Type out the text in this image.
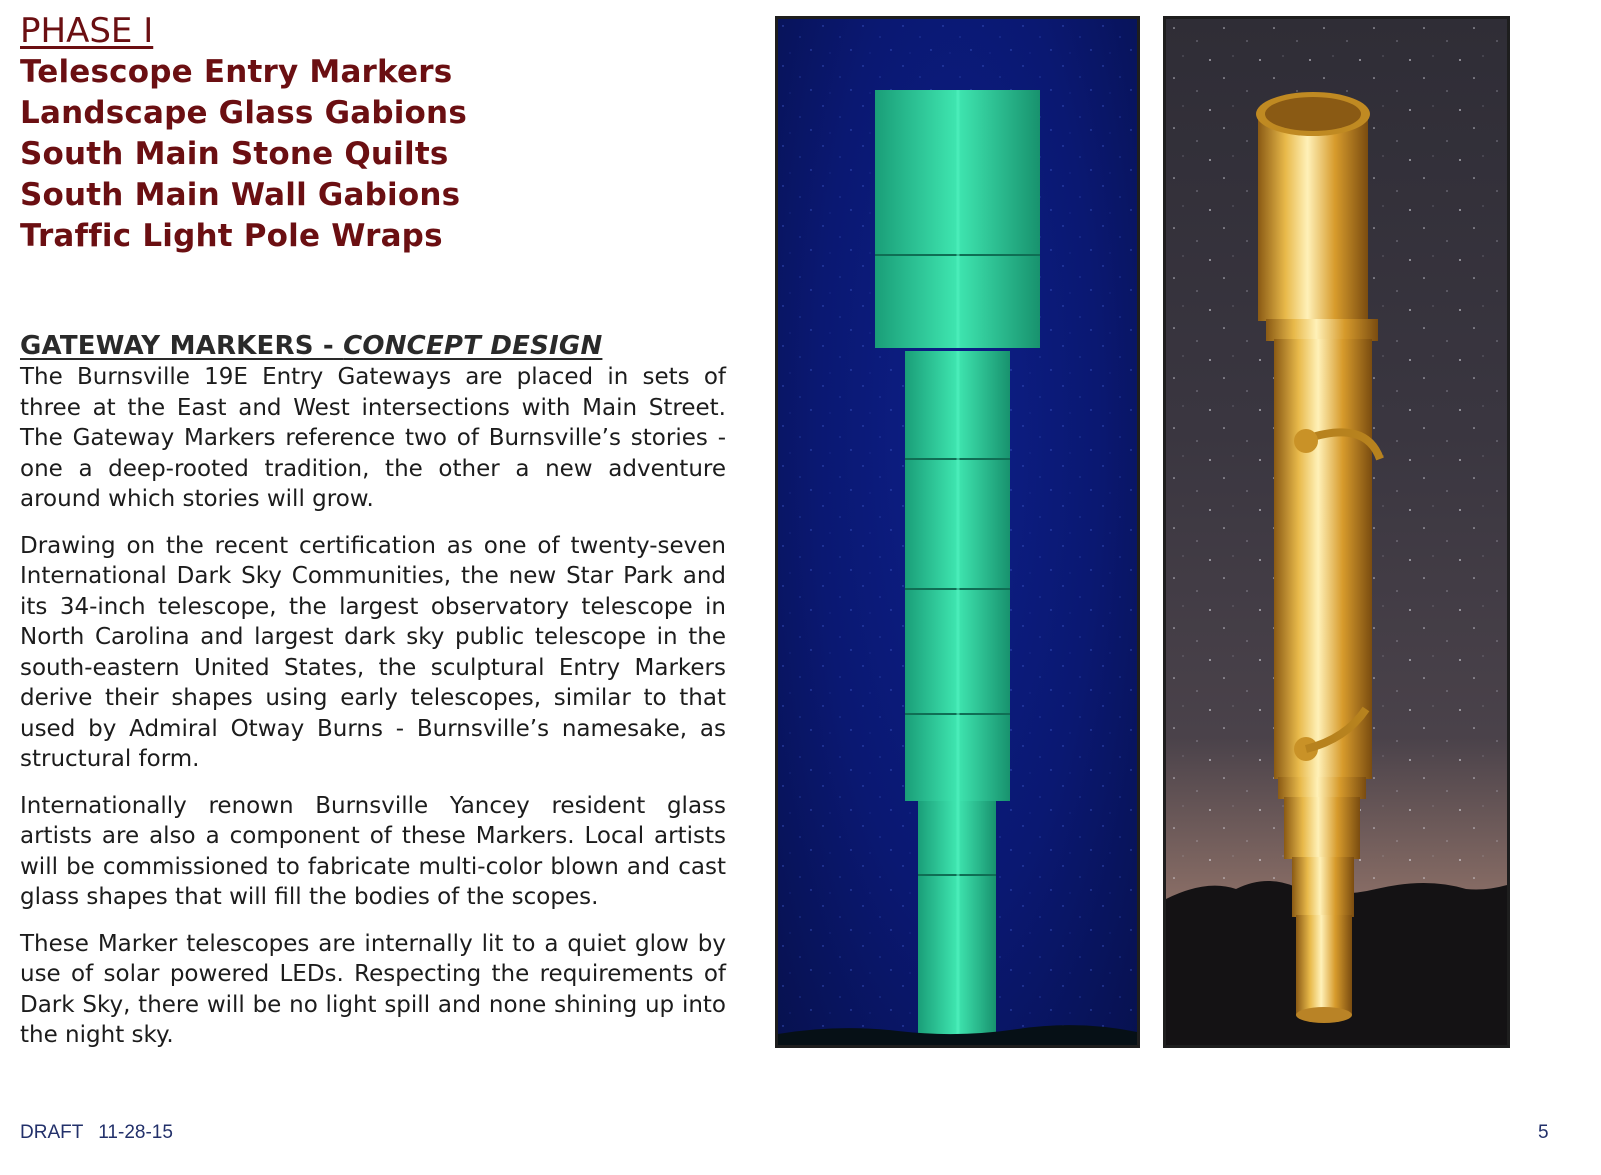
PHASE I

Telescope Entry Markers

Landscape Glass Gabions

South Main Stone Quilts

South Main Wall Gabions

Traffic Light Pole Wraps

GATEWAY MARKERS - CONCEPT DESIGN

The Burnsville 19E Entry Gateways are placed in sets of three at the East and West intersections with Main Street. The Gateway Markers reference two of Burnsville’s stories - one a deep-rooted tradition, the other a new adventure around which stories will grow.

Drawing on the recent certification as one of twenty-seven International Dark Sky Communities, the new Star Park and its 34-inch telescope, the largest observatory telescope in North Carolina and largest dark sky public telescope in the south-eastern United States, the sculptural Entry Markers derive their shapes using early telescopes, similar to that used by Admiral Otway Burns - Burnsville’s namesake, as structural form.

Internationally renown Burnsville Yancey resident glass artists are also a component of these Markers. Local artists will be commissioned to fabricate multi-color blown and cast glass shapes that will fill the bodies of the scopes.

These Marker telescopes are internally lit to a quiet glow by use of solar powered LEDs. Respecting the requirements of Dark Sky, there will be no light spill and none shining up into the night sky.

DRAFT 11-28-15	5
